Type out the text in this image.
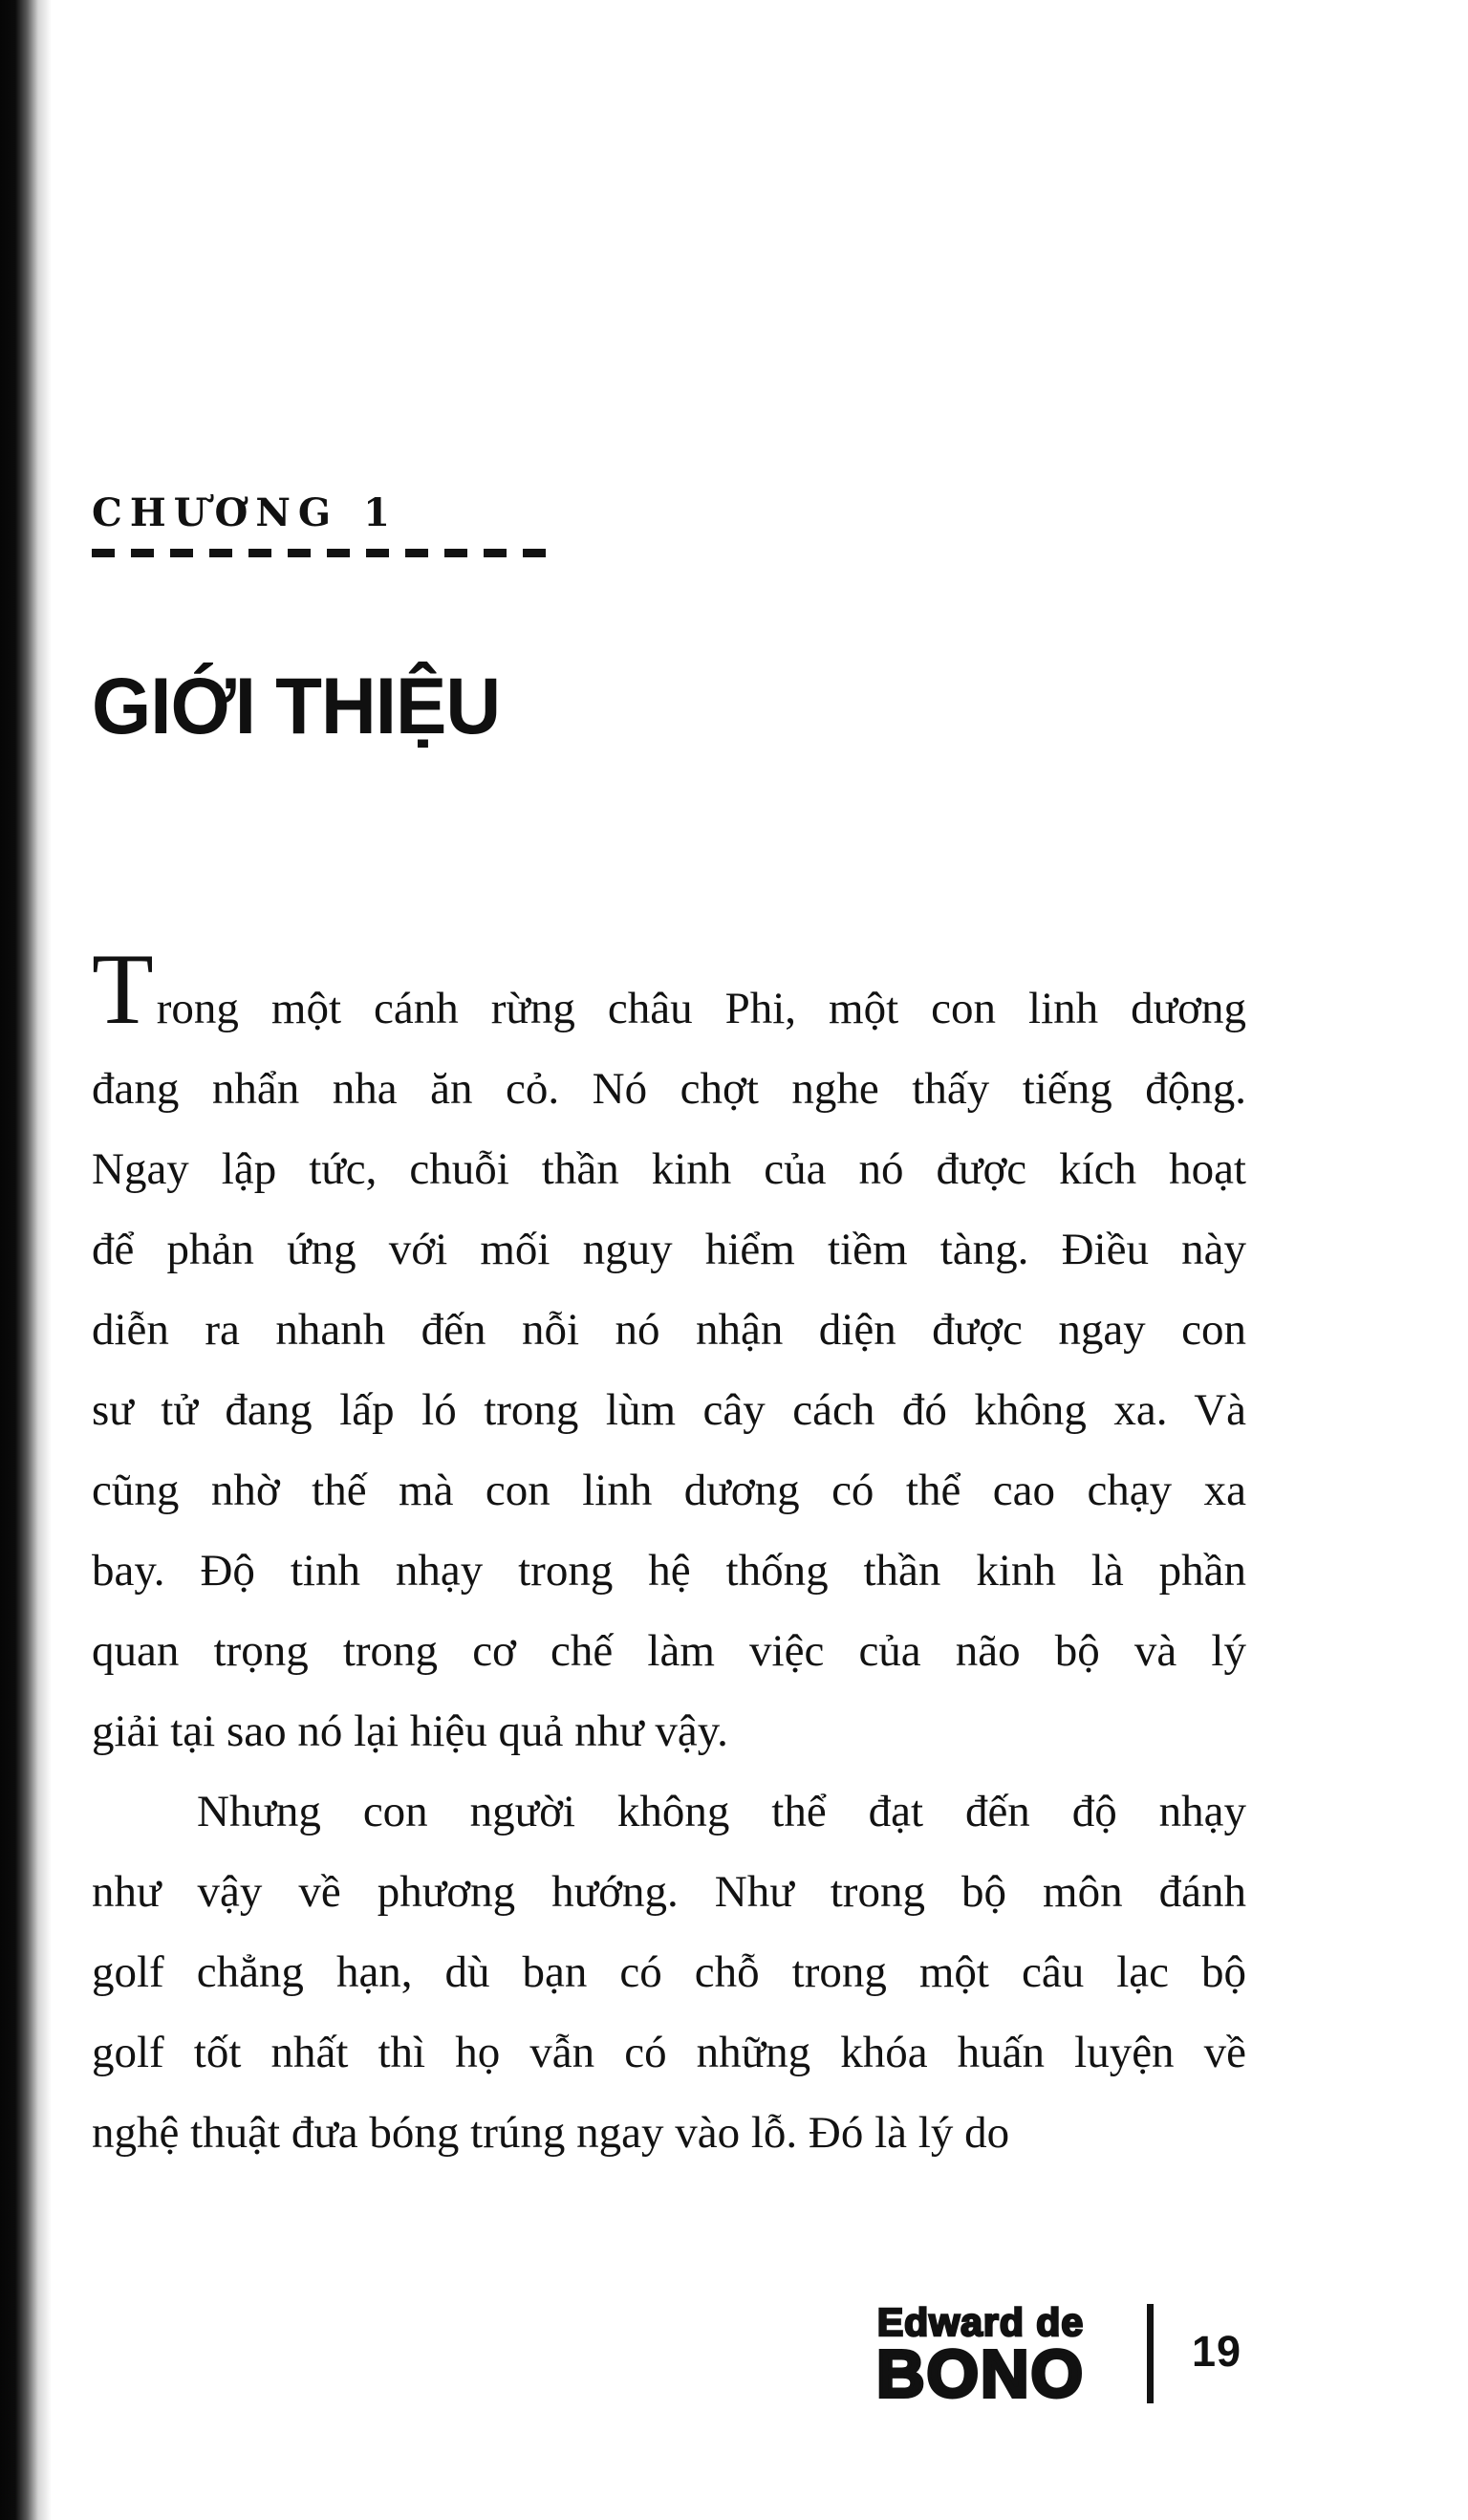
CHƯƠNG 1
GIỚI THIỆU
Trong một cánh rừng châu Phi, một con linh dương
đang nhẩn nha ăn cỏ. Nó chợt nghe thấy tiếng động.
Ngay lập tức, chuỗi thần kinh của nó được kích hoạt
để phản ứng với mối nguy hiểm tiềm tàng. Điều này
diễn ra nhanh đến nỗi nó nhận diện được ngay con
sư tử đang lấp ló trong lùm cây cách đó không xa. Và
cũng nhờ thế mà con linh dương có thể cao chạy xa
bay. Độ tinh nhạy trong hệ thống thần kinh là phần
quan trọng trong cơ chế làm việc của não bộ và lý
giải tại sao nó lại hiệu quả như vậy.
Nhưng con người không thể đạt đến độ nhạy
như vậy về phương hướng. Như trong bộ môn đánh
golf chẳng hạn, dù bạn có chỗ trong một câu lạc bộ
golf tốt nhất thì họ vẫn có những khóa huấn luyện về
nghệ thuật đưa bóng trúng ngay vào lỗ. Đó là lý do
Edward de
BONO	19
